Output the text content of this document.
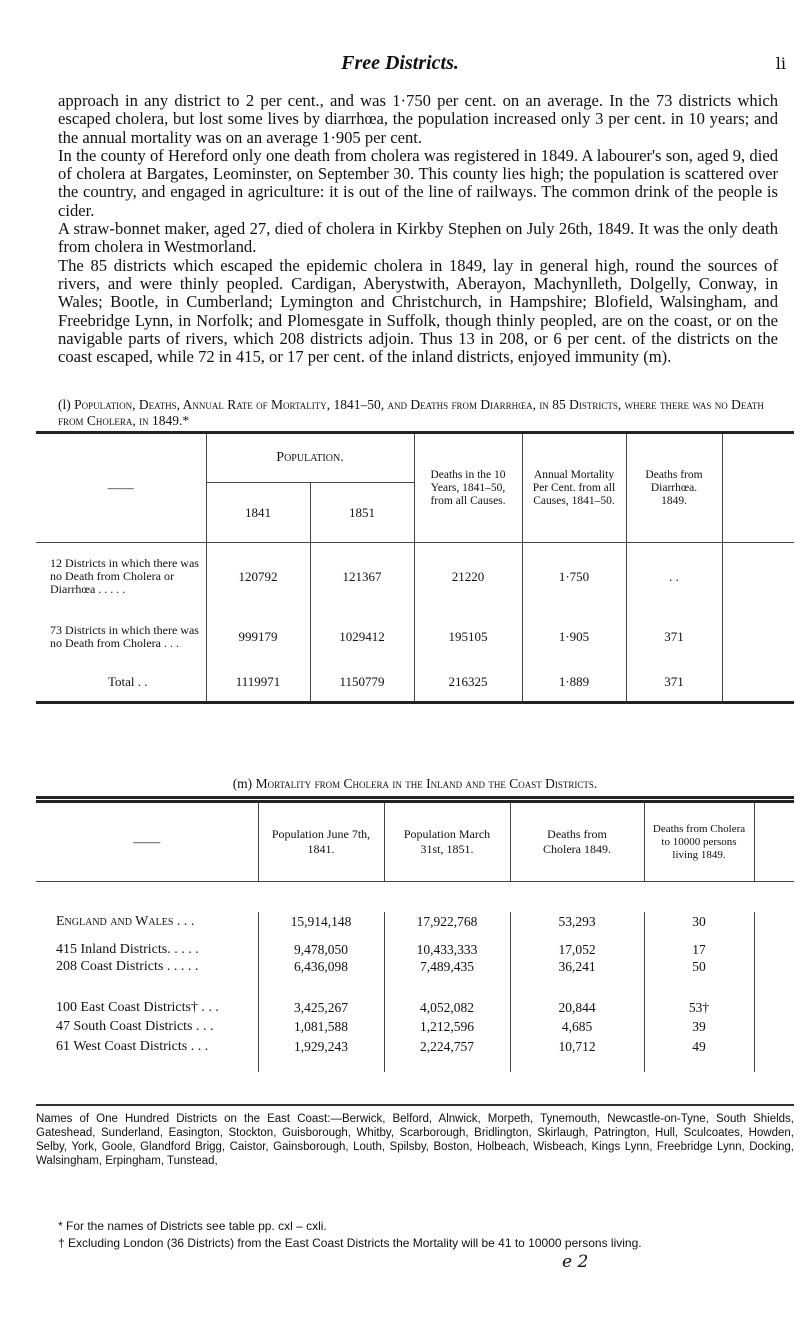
Free Districts.	li

approach in any district to 2 per cent., and was 1·750 per cent. on an average. In the 73 districts which escaped cholera, but lost some lives by diarrhœa, the population increased only 3 per cent. in 10 years; and the annual mortality was on an average 1·905 per cent.

In the county of Hereford only one death from cholera was registered in 1849. A labourer's son, aged 9, died of cholera at Bargates, Leominster, on September 30. This county lies high; the population is scattered over the country, and engaged in agriculture: it is out of the line of railways. The common drink of the people is cider.

A straw-bonnet maker, aged 27, died of cholera in Kirkby Stephen on July 26th, 1849. It was the only death from cholera in Westmorland.

The 85 districts which escaped the epidemic cholera in 1849, lay in general high, round the sources of rivers, and were thinly peopled. Cardigan, Aberystwith, Aberayon, Machynlleth, Dolgelly, Conway, in Wales; Bootle, in Cumberland; Lymington and Christchurch, in Hampshire; Blofield, Walsingham, and Freebridge Lynn, in Norfolk; and Plomesgate in Suffolk, though thinly peopled, are on the coast, or on the navigable parts of rivers, which 208 districts adjoin. Thus 13 in 208, or 6 per cent. of the districts on the coast escaped, while 72 in 415, or 17 per cent. of the inland districts, enjoyed immunity (m).

(l) Population, Deaths, Annual Rate of Mortality, 1841–50, and Deaths from Diarrhœa, in 85 Districts, where there was no Death from Cholera, in 1849.*
——	Population.		Deaths in the 10 Years, 1841–50, from all Causes.	Annual Mortality Per Cent. from all Causes, 1841–50.	Deaths from Diarrhœa. 1849.	
	1841	1851				
12 Districts in which there was no Death from Cholera or Diarrhœa . . . . .	120792	121367	21220	1·750	. .	
73 Districts in which there was no Death from Cholera . . .	999179	1029412	195105	1·905	371	
Total . .	1119971	1150779	216325	1·889	371	
(m) Mortality from Cholera in the Inland and the Coast Districts.
——	Population June 7th, 1841.	Population March 31st, 1851.	Deaths from Cholera 1849.	Deaths from Cholera to 10000 persons living 1849.	

England and Wales . . .	15,914,148	17,922,768	53,293	30	
415 Inland Districts. . . . .	9,478,050	10,433,333	17,052	17	
208 Coast Districts . . . . .	6,436,098	7,489,435	36,241	50	

100 East Coast Districts† . . .	3,425,267	4,052,082	20,844	53†	
47 South Coast Districts . . .	1,081,588	1,212,596	4,685	39	
61 West Coast Districts . . .	1,929,243	2,224,757	10,712	49	

Names of One Hundred Districts on the East Coast:—Berwick, Belford, Alnwick, Morpeth, Tynemouth, Newcastle-on-Tyne, South Shields, Gateshead, Sunderland, Easington, Stockton, Guisborough, Whitby, Scarborough, Bridlington, Skirlaugh, Patrington, Hull, Sculcoates, Howden, Selby, York, Goole, Glandford Brigg, Caistor, Gainsborough, Louth, Spilsby, Boston, Holbeach, Wisbeach, Kings Lynn, Freebridge Lynn, Docking, Walsingham, Erpingham, Tunstead,
* For the names of Districts see table pp. cxl – cxli.
† Excluding London (36 Districts) from the East Coast Districts the Mortality will be 41 to 10000 persons living.
e 2
